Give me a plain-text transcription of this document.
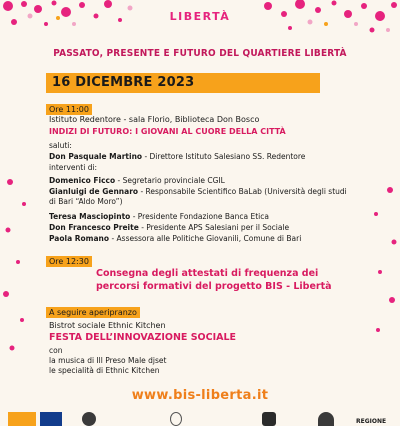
LIBERTÀ
PASSATO, PRESENTE E FUTURO DEL QUARTIERE LIBERTÀ
16 DICEMBRE 2023
Ore 11:00
Istituto Redentore - sala Florio, Biblioteca Don Bosco
INDIZI DI FUTURO: I GIOVANI AL CUORE DELLA CITTÀ
saluti:
Don Pasquale Martino - Direttore Istituto Salesiano SS. Redentore
interventi di:
Domenico Ficco - Segretario provinciale CGIL
Gianluigi de Gennaro - Responsabile Scientifico BaLab (Università degli studi
di Bari “Aldo Moro”)
Teresa Masciopinto - Presidente Fondazione Banca Etica
Don Francesco Preite - Presidente APS Salesiani per il Sociale
Paola Romano - Assessora alle Politiche Giovanili, Comune di Bari
Ore 12:30
Consegna degli attestati di frequenza dei
percorsi formativi del progetto BIS - Libertà
A seguire aperipranzo
Bistrot sociale Ethnic Kitchen
FESTA DELL’INNOVAZIONE SOCIALE
con
la musica di Ill Preso Male djset
le specialità di Ethnic Kitchen
www.bis-liberta.it
REGIONE
